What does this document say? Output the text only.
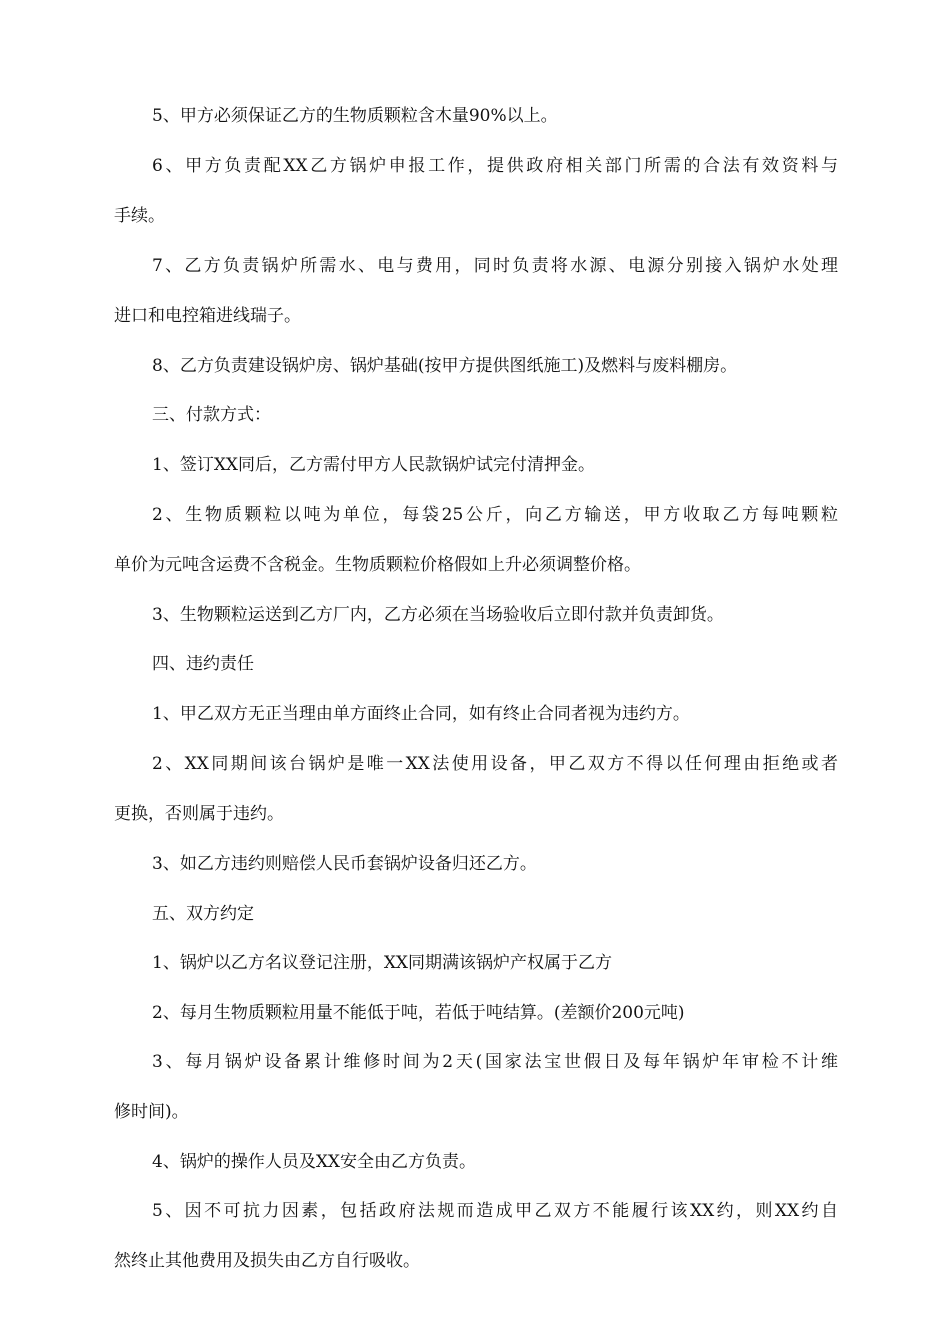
5、甲方必须保证乙方的生物质颗粒含木量90%以上。
6、甲方负责配XX乙方锅炉申报工作，提供政府相关部门所需的合法有效资料与
手续。
7、乙方负责锅炉所需水、电与费用，同时负责将水源、电源分别接入锅炉水处理
进口和电控箱进线瑞子。
8、乙方负责建设锅炉房、锅炉基础(按甲方提供图纸施工)及燃料与废料棚房。
三、付款方式：
1、签订XX同后，乙方需付甲方人民款锅炉试完付清押金。
2、生物质颗粒以吨为单位，每袋25公斤，向乙方输送，甲方收取乙方每吨颗粒
单价为元吨含运费不含税金。生物质颗粒价格假如上升必须调整价格。
3、生物颗粒运送到乙方厂内，乙方必须在当场验收后立即付款并负责卸货。
四、违约责任
1、甲乙双方无正当理由单方面终止合同，如有终止合同者视为违约方。
2、XX同期间该台锅炉是唯一XX法使用设备，甲乙双方不得以任何理由拒绝或者
更换，否则属于违约。
3、如乙方违约则赔偿人民币套锅炉设备归还乙方。
五、双方约定
1、锅炉以乙方名议登记注册，XX同期满该锅炉产权属于乙方
2、每月生物质颗粒用量不能低于吨，若低于吨结算。(差额价200元吨)
3、每月锅炉设备累计维修时间为2天(国家法宝世假日及每年锅炉年审检不计维
修时间)。
4、锅炉的操作人员及XX安全由乙方负责。
5、因不可抗力因素，包括政府法规而造成甲乙双方不能履行该XX约，则XX约自
然终止其他费用及损失由乙方自行吸收。
